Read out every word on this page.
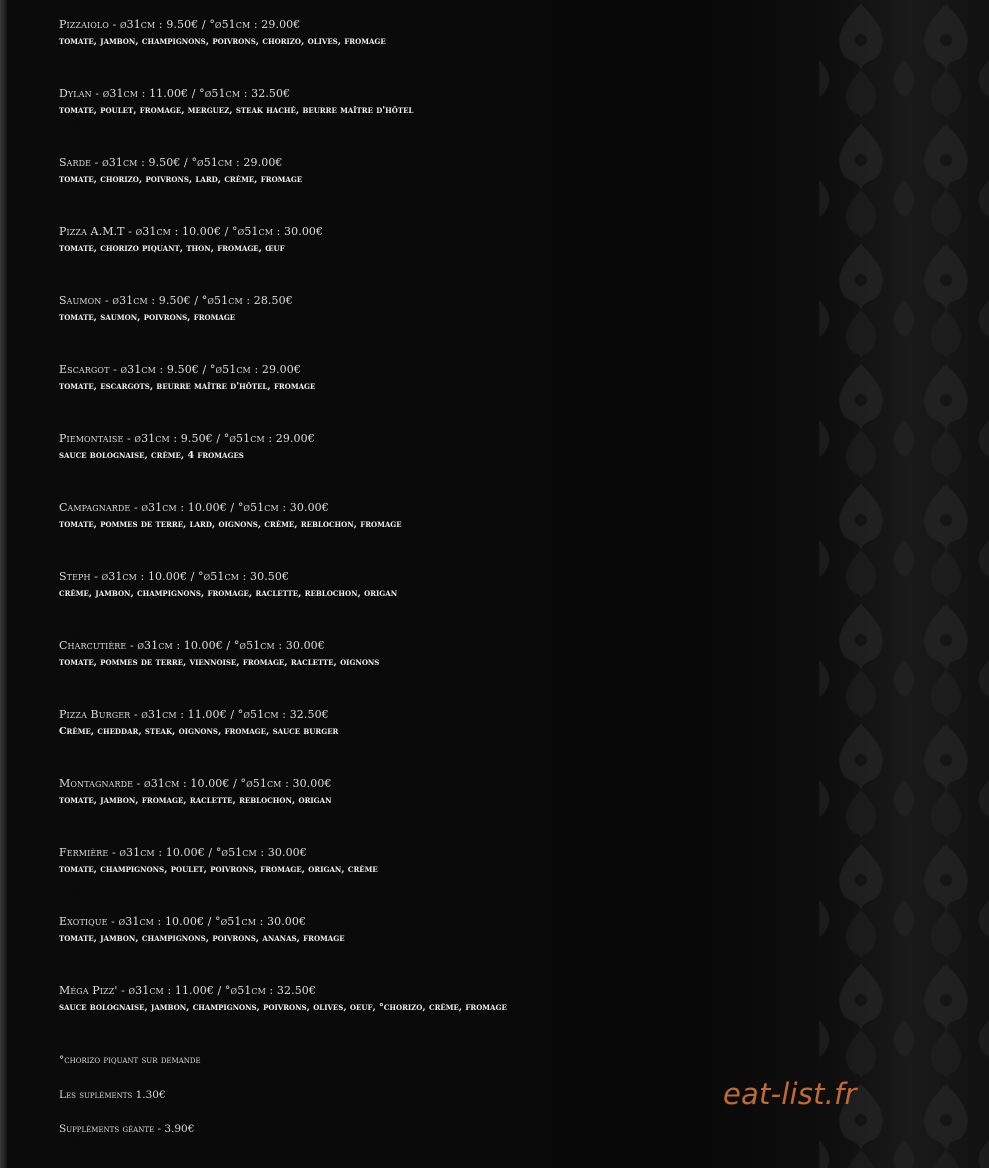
Pizzaiolo - ø31cm : 9.50€ / °ø51cm : 29.00€
tomate, jambon, champignons, poivrons, chorizo, olives, fromage
Dylan - ø31cm : 11.00€ / °ø51cm : 32.50€
tomate, poulet, fromage, merguez, steak haché, beurre maître d'hôtel
Sarde - ø31cm : 9.50€ / °ø51cm : 29.00€
tomate, chorizo, poivrons, lard, crème, fromage
Pizza A.M.T - ø31cm : 10.00€ / °ø51cm : 30.00€
tomate, chorizo piquant, thon, fromage, œuf
Saumon - ø31cm : 9.50€ / °ø51cm : 28.50€
tomate, saumon, poivrons, fromage
Escargot - ø31cm : 9.50€ / °ø51cm : 29.00€
tomate, escargots, beurre maître d'hôtel, fromage
Piemontaise - ø31cm : 9.50€ / °ø51cm : 29.00€
sauce bolognaise, crème, 4 fromages
Campagnarde - ø31cm : 10.00€ / °ø51cm : 30.00€
tomate, pommes de terre, lard, oignons, crème, reblochon, fromage
Steph - ø31cm : 10.00€ / °ø51cm : 30.50€
crème, jambon, champignons, fromage, raclette, reblochon, origan
Charcutière - ø31cm : 10.00€ / °ø51cm : 30.00€
tomate, pommes de terre, viennoise, fromage, raclette, oignons
Pizza Burger - ø31cm : 11.00€ / °ø51cm : 32.50€
Crème, cheddar, steak, oignons, fromage, sauce burger
Montagnarde - ø31cm : 10.00€ / °ø51cm : 30.00€
tomate, jambon, fromage, raclette, reblochon, origan
Fermière - ø31cm : 10.00€ / °ø51cm : 30.00€
tomate, champignons, poulet, poivrons, fromage, origan, crème
Exotique - ø31cm : 10.00€ / °ø51cm : 30.00€
tomate, jambon, champignons, poivrons, ananas, fromage
Méga Pizz' - ø31cm : 11.00€ / °ø51cm : 32.50€
sauce bolognaise, jambon, champignons, poivrons, olives, oeuf, °chorizo, crème, fromage
°chorizo piquant sur demande
Les supléments 1.30€
Suppléments géante - 3.90€
eat-list.fr
